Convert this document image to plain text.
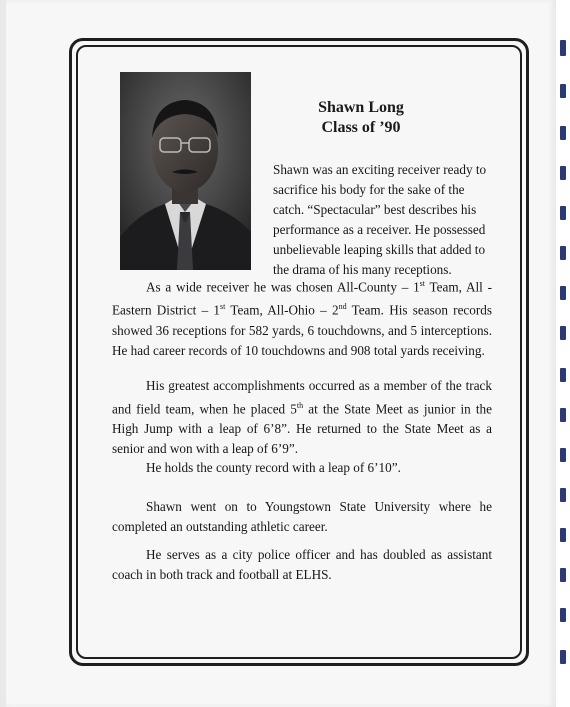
Shawn Long
Class of ’90
Shawn was an exciting receiver ready to sacrifice his body for the sake of the catch. “Spectacular” best describes his performance as a receiver. He possessed unbelievable leaping skills that added to the drama of his many receptions.
As a wide receiver he was chosen All-County – 1st Team, All - Eastern District – 1st Team, All-Ohio – 2nd Team. His season records showed 36 receptions for 582 yards, 6 touchdowns, and 5 interceptions. He had career records of 10 touchdowns and 908 total yards receiving.
His greatest accomplishments occurred as a member of the track and field team, when he placed 5th at the State Meet as junior in the High Jump with a leap of 6’8”. He returned to the State Meet as a senior and won with a leap of 6’9”.
He holds the county record with a leap of 6’10”.
Shawn went on to Youngstown State University where he completed an outstanding athletic career.
He serves as a city police officer and has doubled as assistant coach in both track and football at ELHS.
